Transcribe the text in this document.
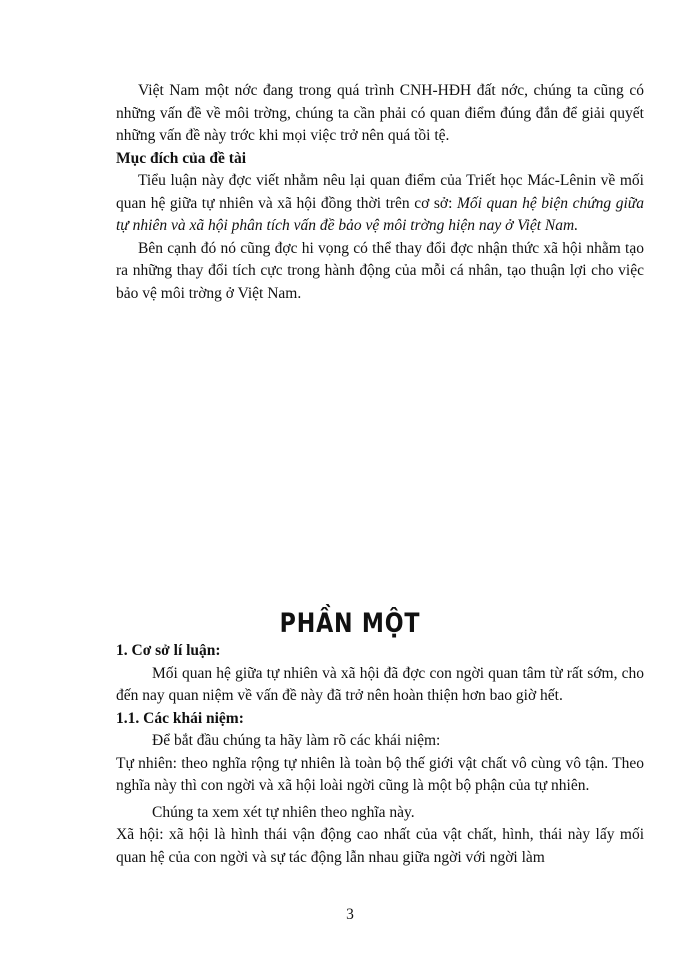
Việt Nam một nớc đang trong quá trình CNH-HĐH đất nớc, chúng ta cũng có những vấn đề về môi trờng, chúng ta cần phải có quan điểm đúng đắn để giải quyết những vấn đề này trớc khi mọi việc trở nên quá tồi tệ.

Mục đích của đề tài

Tiểu luận này đợc viết nhằm nêu lại quan điểm của Triết học Mác-Lênin về mối quan hệ giữa tự nhiên và xã hội đồng thời trên cơ sở: Mối quan hệ biện chứng giữa tự nhiên và xã hội phân tích vấn đề bảo vệ môi trờng hiện nay ở Việt Nam.

Bên cạnh đó nó cũng đợc hi vọng có thể thay đổi đợc nhận thức xã hội nhằm tạo ra những thay đổi tích cực trong hành động của mỗi cá nhân, tạo thuận lợi cho việc bảo vệ môi trờng ở Việt Nam.

PHẦN MỘT

1. Cơ sở lí luận:

Mối quan hệ giữa tự nhiên và xã hội đã đợc con ngời quan tâm từ rất sớm, cho đến nay quan niệm về vấn đề này đã trở nên hoàn thiện hơn bao giờ hết.

1.1. Các khái niệm:

Để bắt đầu chúng ta hãy làm rõ các khái niệm:

Tự nhiên: theo nghĩa rộng tự nhiên là toàn bộ thế giới vật chất vô cùng vô tận. Theo nghĩa này thì con ngời và xã hội loài ngời cũng là một bộ phận của tự nhiên.

Chúng ta xem xét tự nhiên theo nghĩa này.

Xã hội: xã hội là hình thái vận động cao nhất của vật chất, hình, thái này lấy mối quan hệ của con ngời và sự tác động lẫn nhau giữa ngời với ngời làm

3
